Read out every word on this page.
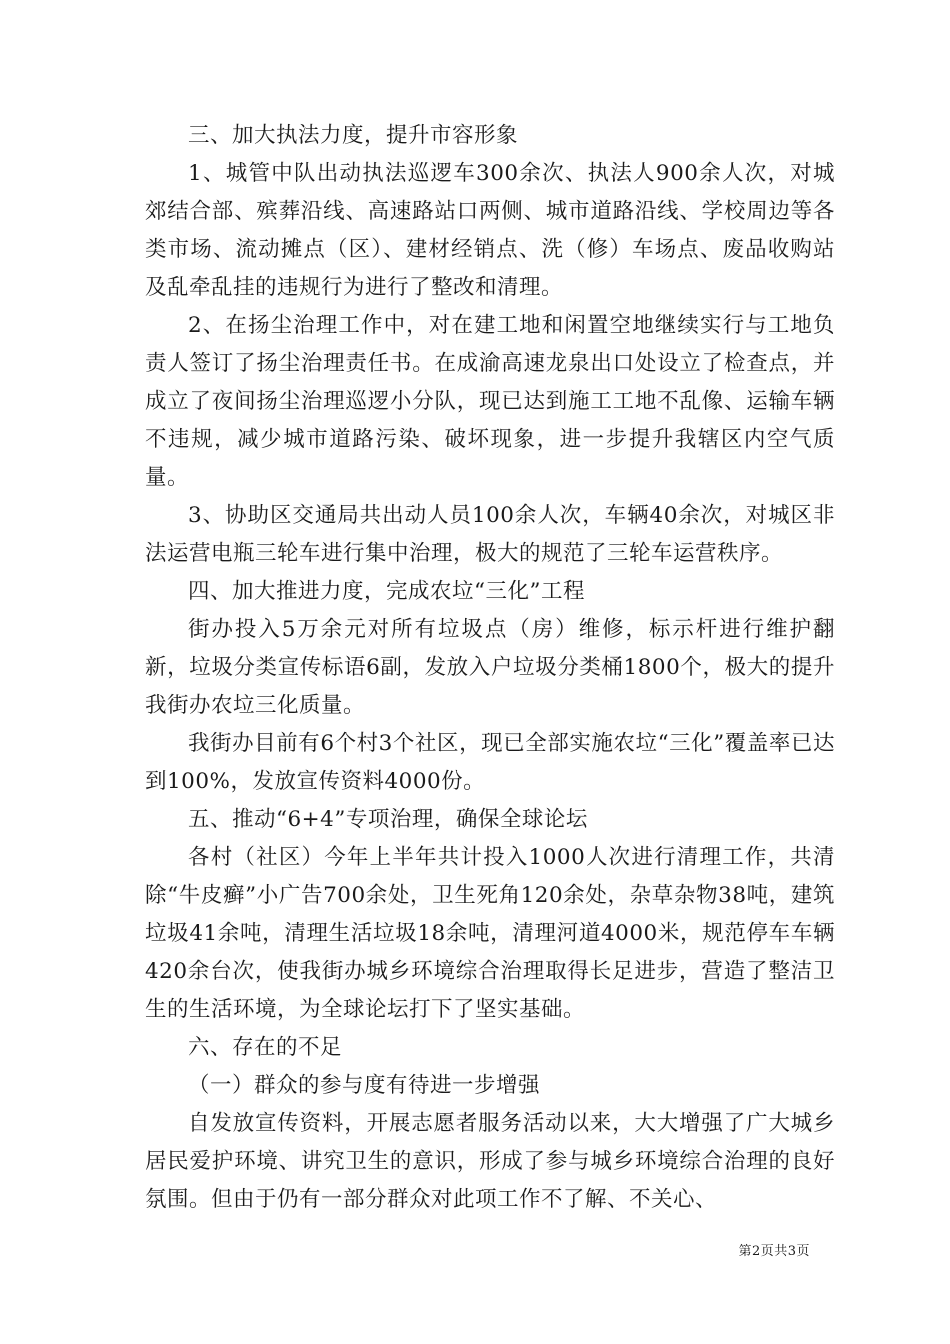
三、加大执法力度，提升市容形象

1、城管中队出动执法巡逻车300余次、执法人900余人次，对城郊结合部、殡葬沿线、高速路站口两侧、城市道路沿线、学校周边等各类市场、流动摊点（区）、建材经销点、洗（修）车场点、废品收购站及乱牵乱挂的违规行为进行了整改和清理。

2、在扬尘治理工作中，对在建工地和闲置空地继续实行与工地负责人签订了扬尘治理责任书。在成渝高速龙泉出口处设立了检查点，并成立了夜间扬尘治理巡逻小分队，现已达到施工工地不乱像、运输车辆不违规，减少城市道路污染、破坏现象，进一步提升我辖区内空气质量。

3、协助区交通局共出动人员100余人次，车辆40余次，对城区非法运营电瓶三轮车进行集中治理，极大的规范了三轮车运营秩序。

四、加大推进力度，完成农垃“三化”工程

街办投入5万余元对所有垃圾点（房）维修，标示杆进行维护翻新，垃圾分类宣传标语6副，发放入户垃圾分类桶1800个，极大的提升我街办农垃三化质量。

我街办目前有6个村3个社区，现已全部实施农垃“三化”覆盖率已达到100%，发放宣传资料4000份。

五、推动“6+4”专项治理，确保全球论坛

各村（社区）今年上半年共计投入1000人次进行清理工作，共清除“牛皮癣”小广告700余处，卫生死角120余处，杂草杂物38吨，建筑垃圾41余吨，清理生活垃圾18余吨，清理河道4000米，规范停车车辆420余台次，使我街办城乡环境综合治理取得长足进步，营造了整洁卫生的生活环境，为全球论坛打下了坚实基础。

六、存在的不足

（一）群众的参与度有待进一步增强

自发放宣传资料，开展志愿者服务活动以来，大大增强了广大城乡居民爱护环境、讲究卫生的意识，形成了参与城乡环境综合治理的良好氛围。但由于仍有一部分群众对此项工作不了解、不关心、

第2页共3页
